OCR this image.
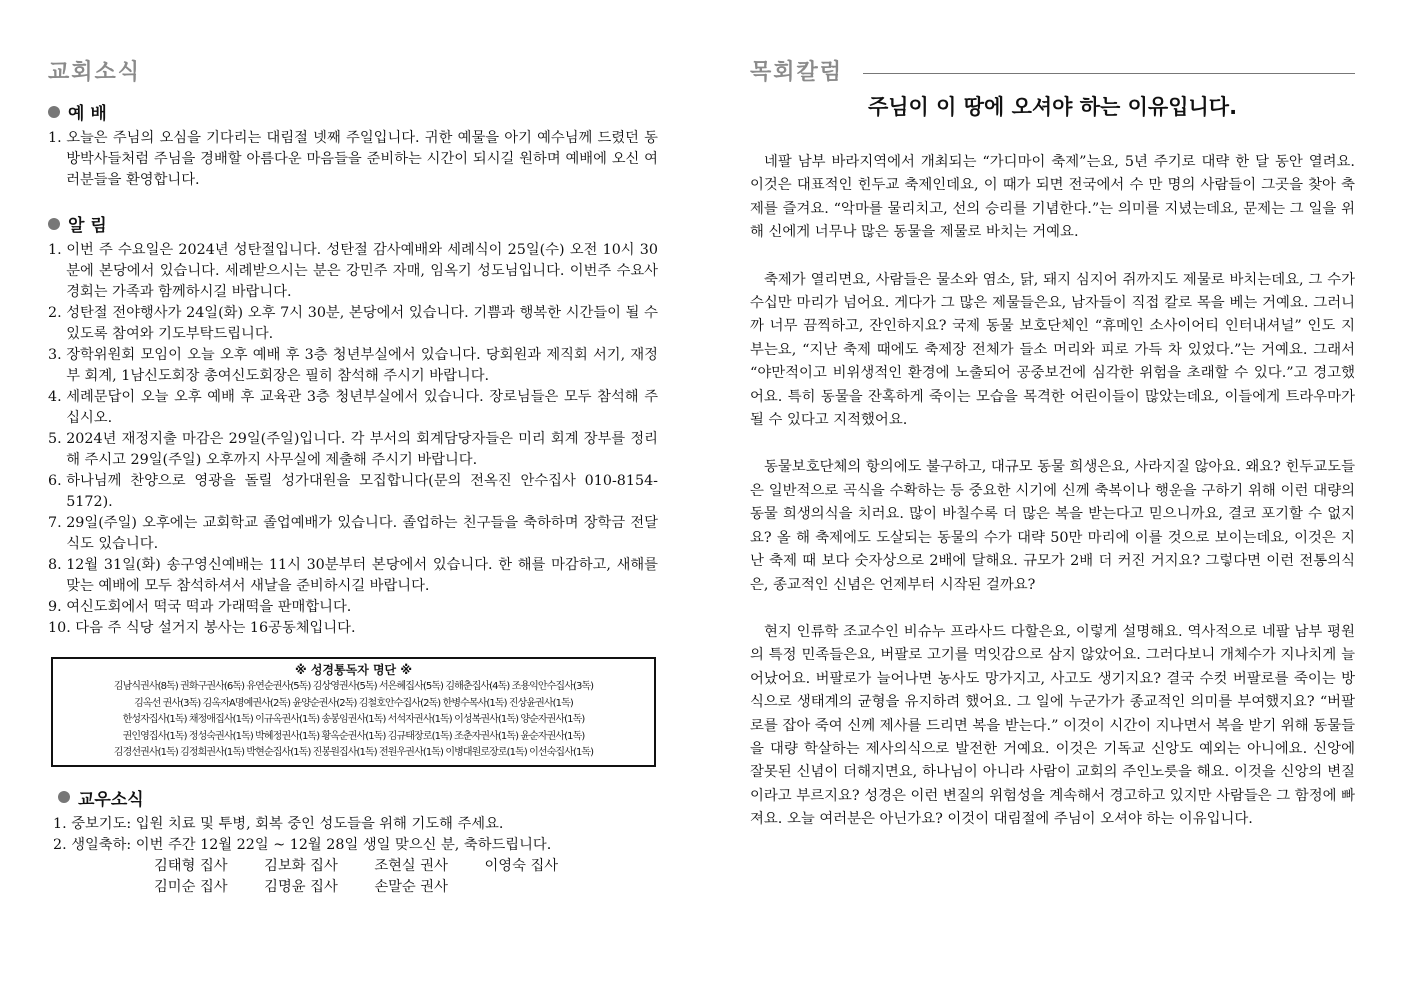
교회소식
예 배
1. 오늘은 주님의 오심을 기다리는 대림절 넷째 주일입니다. 귀한 예물을 아기 예수님께 드렸던 동방박사들처럼 주님을 경배할 아름다운 마음들을 준비하는 시간이 되시길 원하며 예배에 오신 여러분들을 환영합니다.
알 림
1. 이번 주 수요일은 2024년 성탄절입니다. 성탄절 감사예배와 세례식이 25일(수) 오전 10시 30분에 본당에서 있습니다. 세례받으시는 분은 강민주 자매, 임옥기 성도님입니다. 이번주 수요사경회는 가족과 함께하시길 바랍니다.
2. 성탄절 전야행사가 24일(화) 오후 7시 30분, 본당에서 있습니다. 기쁨과 행복한 시간들이 될 수 있도록 참여와 기도부탁드립니다.
3. 장학위원회 모임이 오늘 오후 예배 후 3층 청년부실에서 있습니다. 당회원과 제직회 서기, 재정부 회계, 1남신도회장 총여신도회장은 필히 참석해 주시기 바랍니다.
4. 세례문답이 오늘 오후 예배 후 교육관 3층 청년부실에서 있습니다. 장로님들은 모두 참석해 주십시오.
5. 2024년 재정지출 마감은 29일(주일)입니다. 각 부서의 회계담당자들은 미리 회계 장부를 정리해 주시고 29일(주일) 오후까지 사무실에 제출해 주시기 바랍니다.
6. 하나님께 찬양으로 영광을 돌릴 성가대원을 모집합니다(문의 전옥진 안수집사 010-8154-5172).
7. 29일(주일) 오후에는 교회학교 졸업예배가 있습니다. 졸업하는 친구들을 축하하며 장학금 전달식도 있습니다.
8. 12월 31일(화) 송구영신예배는 11시 30분부터 본당에서 있습니다. 한 해를 마감하고, 새해를 맞는 예배에 모두 참석하셔서 새날을 준비하시길 바랍니다.
9. 여신도회에서 떡국 떡과 가래떡을 판매합니다.
10. 다음 주 식당 설거지 봉사는 16공동체입니다.
※ 성경통독자 명단 ※
김남식권사(8독) 권화구권사(6독) 유연순권사(5독) 김상영권사(5독) 서은혜집사(5독) 김해춘집사(4독) 조용익안수집사(3독)
김옥선 권사(3독) 김옥자A명예권사(2독) 윤양순권사(2독) 김철호안수집사(2독) 한병수목사(1독) 진상윤권사(1독)
한성자집사(1독) 채정애집사(1독) 이규옥권사(1독) 송봉임권사(1독) 서석자권사(1독) 이성복권사(1독) 양순자권사(1독)
권인영집사(1독) 정성숙권사(1독) 박혜정권사(1독) 황옥순권사(1독) 김규태장로(1독) 조춘자권사(1독) 윤순자권사(1독)
김경선권사(1독) 김정희권사(1독) 박현순집사(1독) 진봉원집사(1독) 전원우권사(1독) 이병대원로장로(1독) 이선숙집사(1독)
교우소식
1. 중보기도: 입원 치료 및 투병, 회복 중인 성도들을 위해 기도해 주세요.
2. 생일축하: 이번 주간 12월 22일 ~ 12월 28일 생일 맞으신 분, 축하드립니다.
김태형 집사	김보화 집사	조현실 권사	이영숙 집사
김미순 집사	김명윤 집사	손말순 권사
목회칼럼
주님이 이 땅에 오셔야 하는 이유입니다.

네팔 남부 바라지역에서 개최되는 “가디마이 축제”는요, 5년 주기로 대략 한 달 동안 열려요. 이것은 대표적인 힌두교 축제인데요, 이 때가 되면 전국에서 수 만 명의 사람들이 그곳을 찾아 축제를 즐겨요. “악마를 물리치고, 선의 승리를 기념한다.”는 의미를 지녔는데요, 문제는 그 일을 위해 신에게 너무나 많은 동물을 제물로 바치는 거예요.

축제가 열리면요, 사람들은 물소와 염소, 닭, 돼지 심지어 쥐까지도 제물로 바치는데요, 그 수가 수십만 마리가 넘어요. 게다가 그 많은 제물들은요, 남자들이 직접 칼로 목을 베는 거예요. 그러니까 너무 끔찍하고, 잔인하지요? 국제 동물 보호단체인 “휴메인 소사이어티 인터내셔널” 인도 지부는요, “지난 축제 때에도 축제장 전체가 들소 머리와 피로 가득 차 있었다.”는 거예요. 그래서 “야만적이고 비위생적인 환경에 노출되어 공중보건에 심각한 위험을 초래할 수 있다.”고 경고했어요. 특히 동물을 잔혹하게 죽이는 모습을 목격한 어린이들이 많았는데요, 이들에게 트라우마가 될 수 있다고 지적했어요.

동물보호단체의 항의에도 불구하고, 대규모 동물 희생은요, 사라지질 않아요. 왜요? 힌두교도들은 일반적으로 곡식을 수확하는 등 중요한 시기에 신께 축복이나 행운을 구하기 위해 이런 대량의 동물 희생의식을 치러요. 많이 바칠수록 더 많은 복을 받는다고 믿으니까요, 결코 포기할 수 없지요? 올 해 축제에도 도살되는 동물의 수가 대략 50만 마리에 이를 것으로 보이는데요, 이것은 지난 축제 때 보다 숫자상으로 2배에 달해요. 규모가 2배 더 커진 거지요? 그렇다면 이런 전통의식은, 종교적인 신념은 언제부터 시작된 걸까요?

현지 인류학 조교수인 비슈누 프라사드 다할은요, 이렇게 설명해요. 역사적으로 네팔 남부 평원의 특정 민족들은요, 버팔로 고기를 먹잇감으로 삼지 않았어요. 그러다보니 개체수가 지나치게 늘어났어요. 버팔로가 늘어나면 농사도 망가지고, 사고도 생기지요? 결국 수컷 버팔로를 죽이는 방식으로 생태계의 균형을 유지하려 했어요. 그 일에 누군가가 종교적인 의미를 부여했지요? “버팔로를 잡아 죽여 신께 제사를 드리면 복을 받는다.” 이것이 시간이 지나면서 복을 받기 위해 동물들을 대량 학살하는 제사의식으로 발전한 거예요. 이것은 기독교 신앙도 예외는 아니에요. 신앙에 잘못된 신념이 더해지면요, 하나님이 아니라 사람이 교회의 주인노릇을 해요. 이것을 신앙의 변질이라고 부르지요? 성경은 이런 변질의 위험성을 계속해서 경고하고 있지만 사람들은 그 함정에 빠져요. 오늘 여러분은 아닌가요? 이것이 대림절에 주님이 오셔야 하는 이유입니다.
